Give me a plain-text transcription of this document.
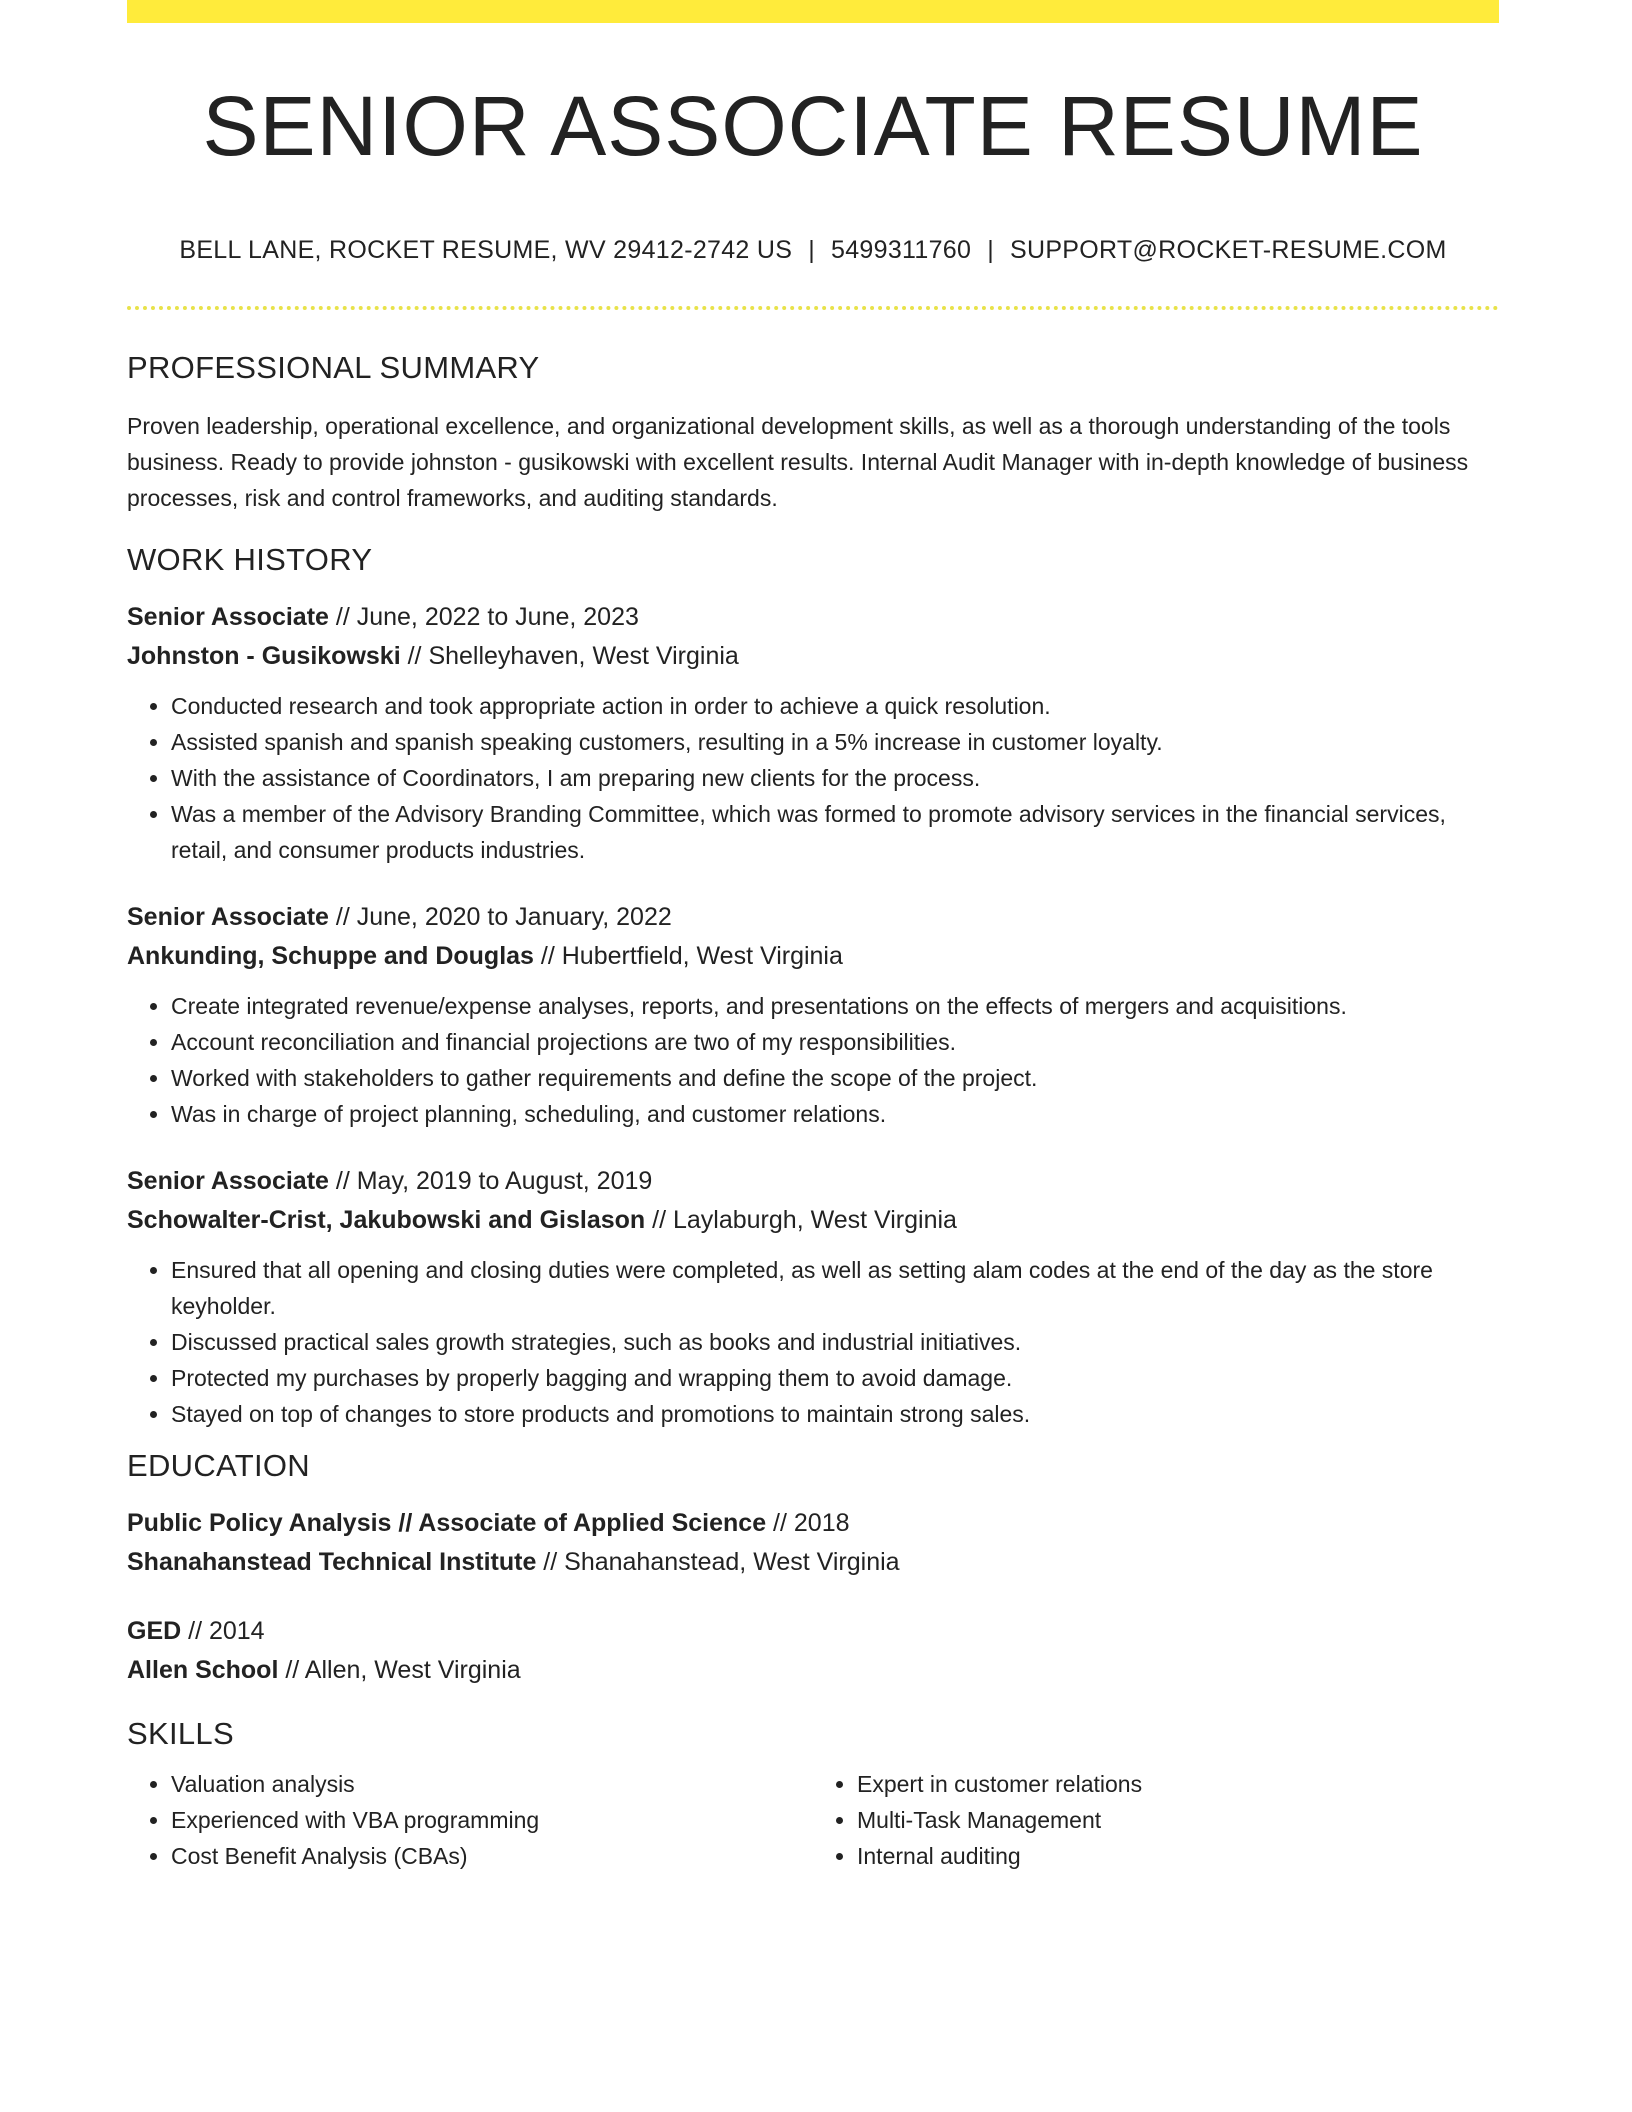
SENIOR ASSOCIATE RESUME
BELL LANE, ROCKET RESUME, WV 29412-2742 US | 5499311760 | SUPPORT@ROCKET-RESUME.COM
PROFESSIONAL SUMMARY

Proven leadership, operational excellence, and organizational development skills, as well as a thorough understanding of the tools business. Ready to provide johnston - gusikowski with excellent results. Internal Audit Manager with in-depth knowledge of business processes, risk and control frameworks, and auditing standards.

WORK HISTORY
Senior Associate // June, 2022 to June, 2023
Johnston - Gusikowski // Shelleyhaven, West Virginia
• Conducted research and took appropriate action in order to achieve a quick resolution.
• Assisted spanish and spanish speaking customers, resulting in a 5% increase in customer loyalty.
• With the assistance of Coordinators, I am preparing new clients for the process.
• Was a member of the Advisory Branding Committee, which was formed to promote advisory services in the financial services, retail, and consumer products industries.
Senior Associate // June, 2020 to January, 2022
Ankunding, Schuppe and Douglas // Hubertfield, West Virginia
• Create integrated revenue/expense analyses, reports, and presentations on the effects of mergers and acquisitions.
• Account reconciliation and financial projections are two of my responsibilities.
• Worked with stakeholders to gather requirements and define the scope of the project.
• Was in charge of project planning, scheduling, and customer relations.
Senior Associate // May, 2019 to August, 2019
Schowalter-Crist, Jakubowski and Gislason // Laylaburgh, West Virginia
• Ensured that all opening and closing duties were completed, as well as setting alam codes at the end of the day as the store keyholder.
• Discussed practical sales growth strategies, such as books and industrial initiatives.
• Protected my purchases by properly bagging and wrapping them to avoid damage.
• Stayed on top of changes to store products and promotions to maintain strong sales.
EDUCATION
Public Policy Analysis // Associate of Applied Science // 2018
Shanahanstead Technical Institute // Shanahanstead, West Virginia
GED // 2014
Allen School // Allen, West Virginia
SKILLS
• Valuation analysis
• Experienced with VBA programming
• Cost Benefit Analysis (CBAs)
• Expert in customer relations
• Multi-Task Management
• Internal auditing
